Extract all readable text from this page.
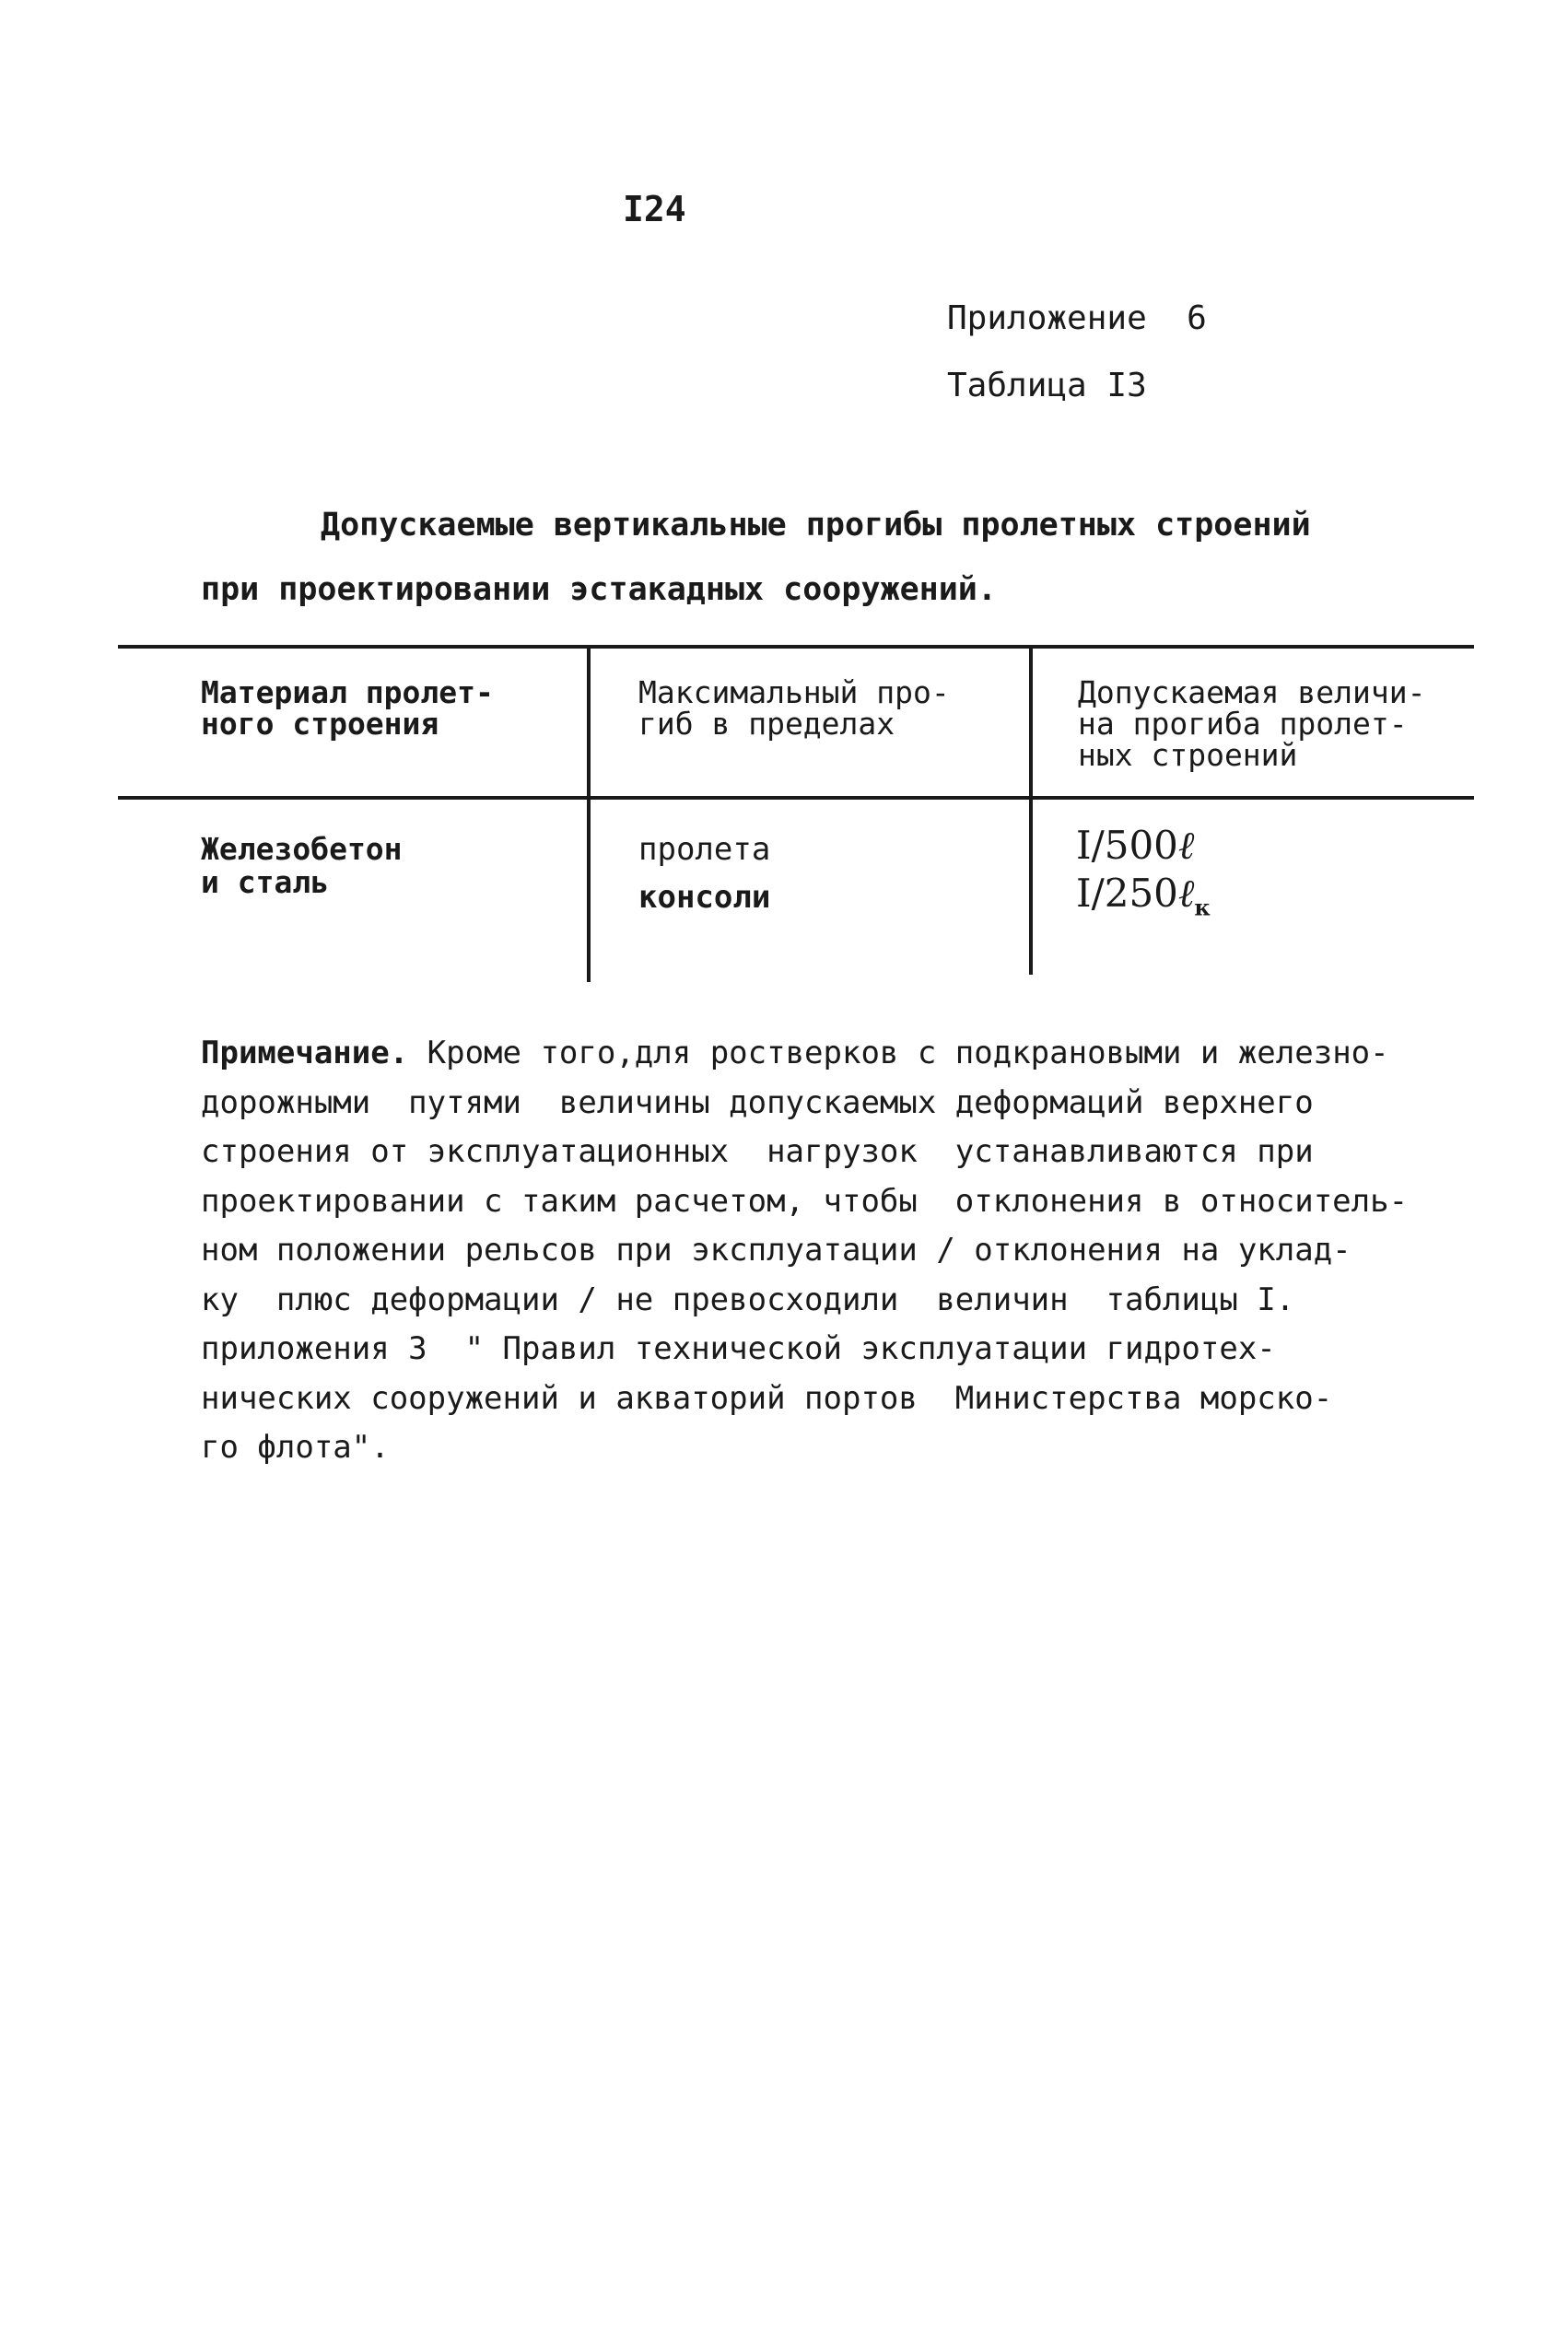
I24
Приложение  6
Таблица I3
Допускаемые вертикальные прогибы пролетных строений
при проектировании эстакадных сооружений.
Материал пролет-
ного строения
Максимальный про-
гиб в пределах
Допускаемая величи-
на прогиба пролет-
ных строений
Железобетон
и сталь
пролета
консоли
I/500ℓ
I/250ℓ$_к$
Примечание. Кроме того,для ростверков с подкрановыми и железно-
дорожными  путями  величины допускаемых деформаций верхнего
строения от эксплуатационных  нагрузок  устанавливаются при
проектировании с таким расчетом, чтобы  отклонения в относитель-
ном положении рельсов при эксплуатации / отклонения на уклад-
ку  плюс деформации / не превосходили  величин  таблицы I.
приложения 3  " Правил технической эксплуатации гидротех-
нических сооружений и акваторий портов  Министерства морско-
го флота".
